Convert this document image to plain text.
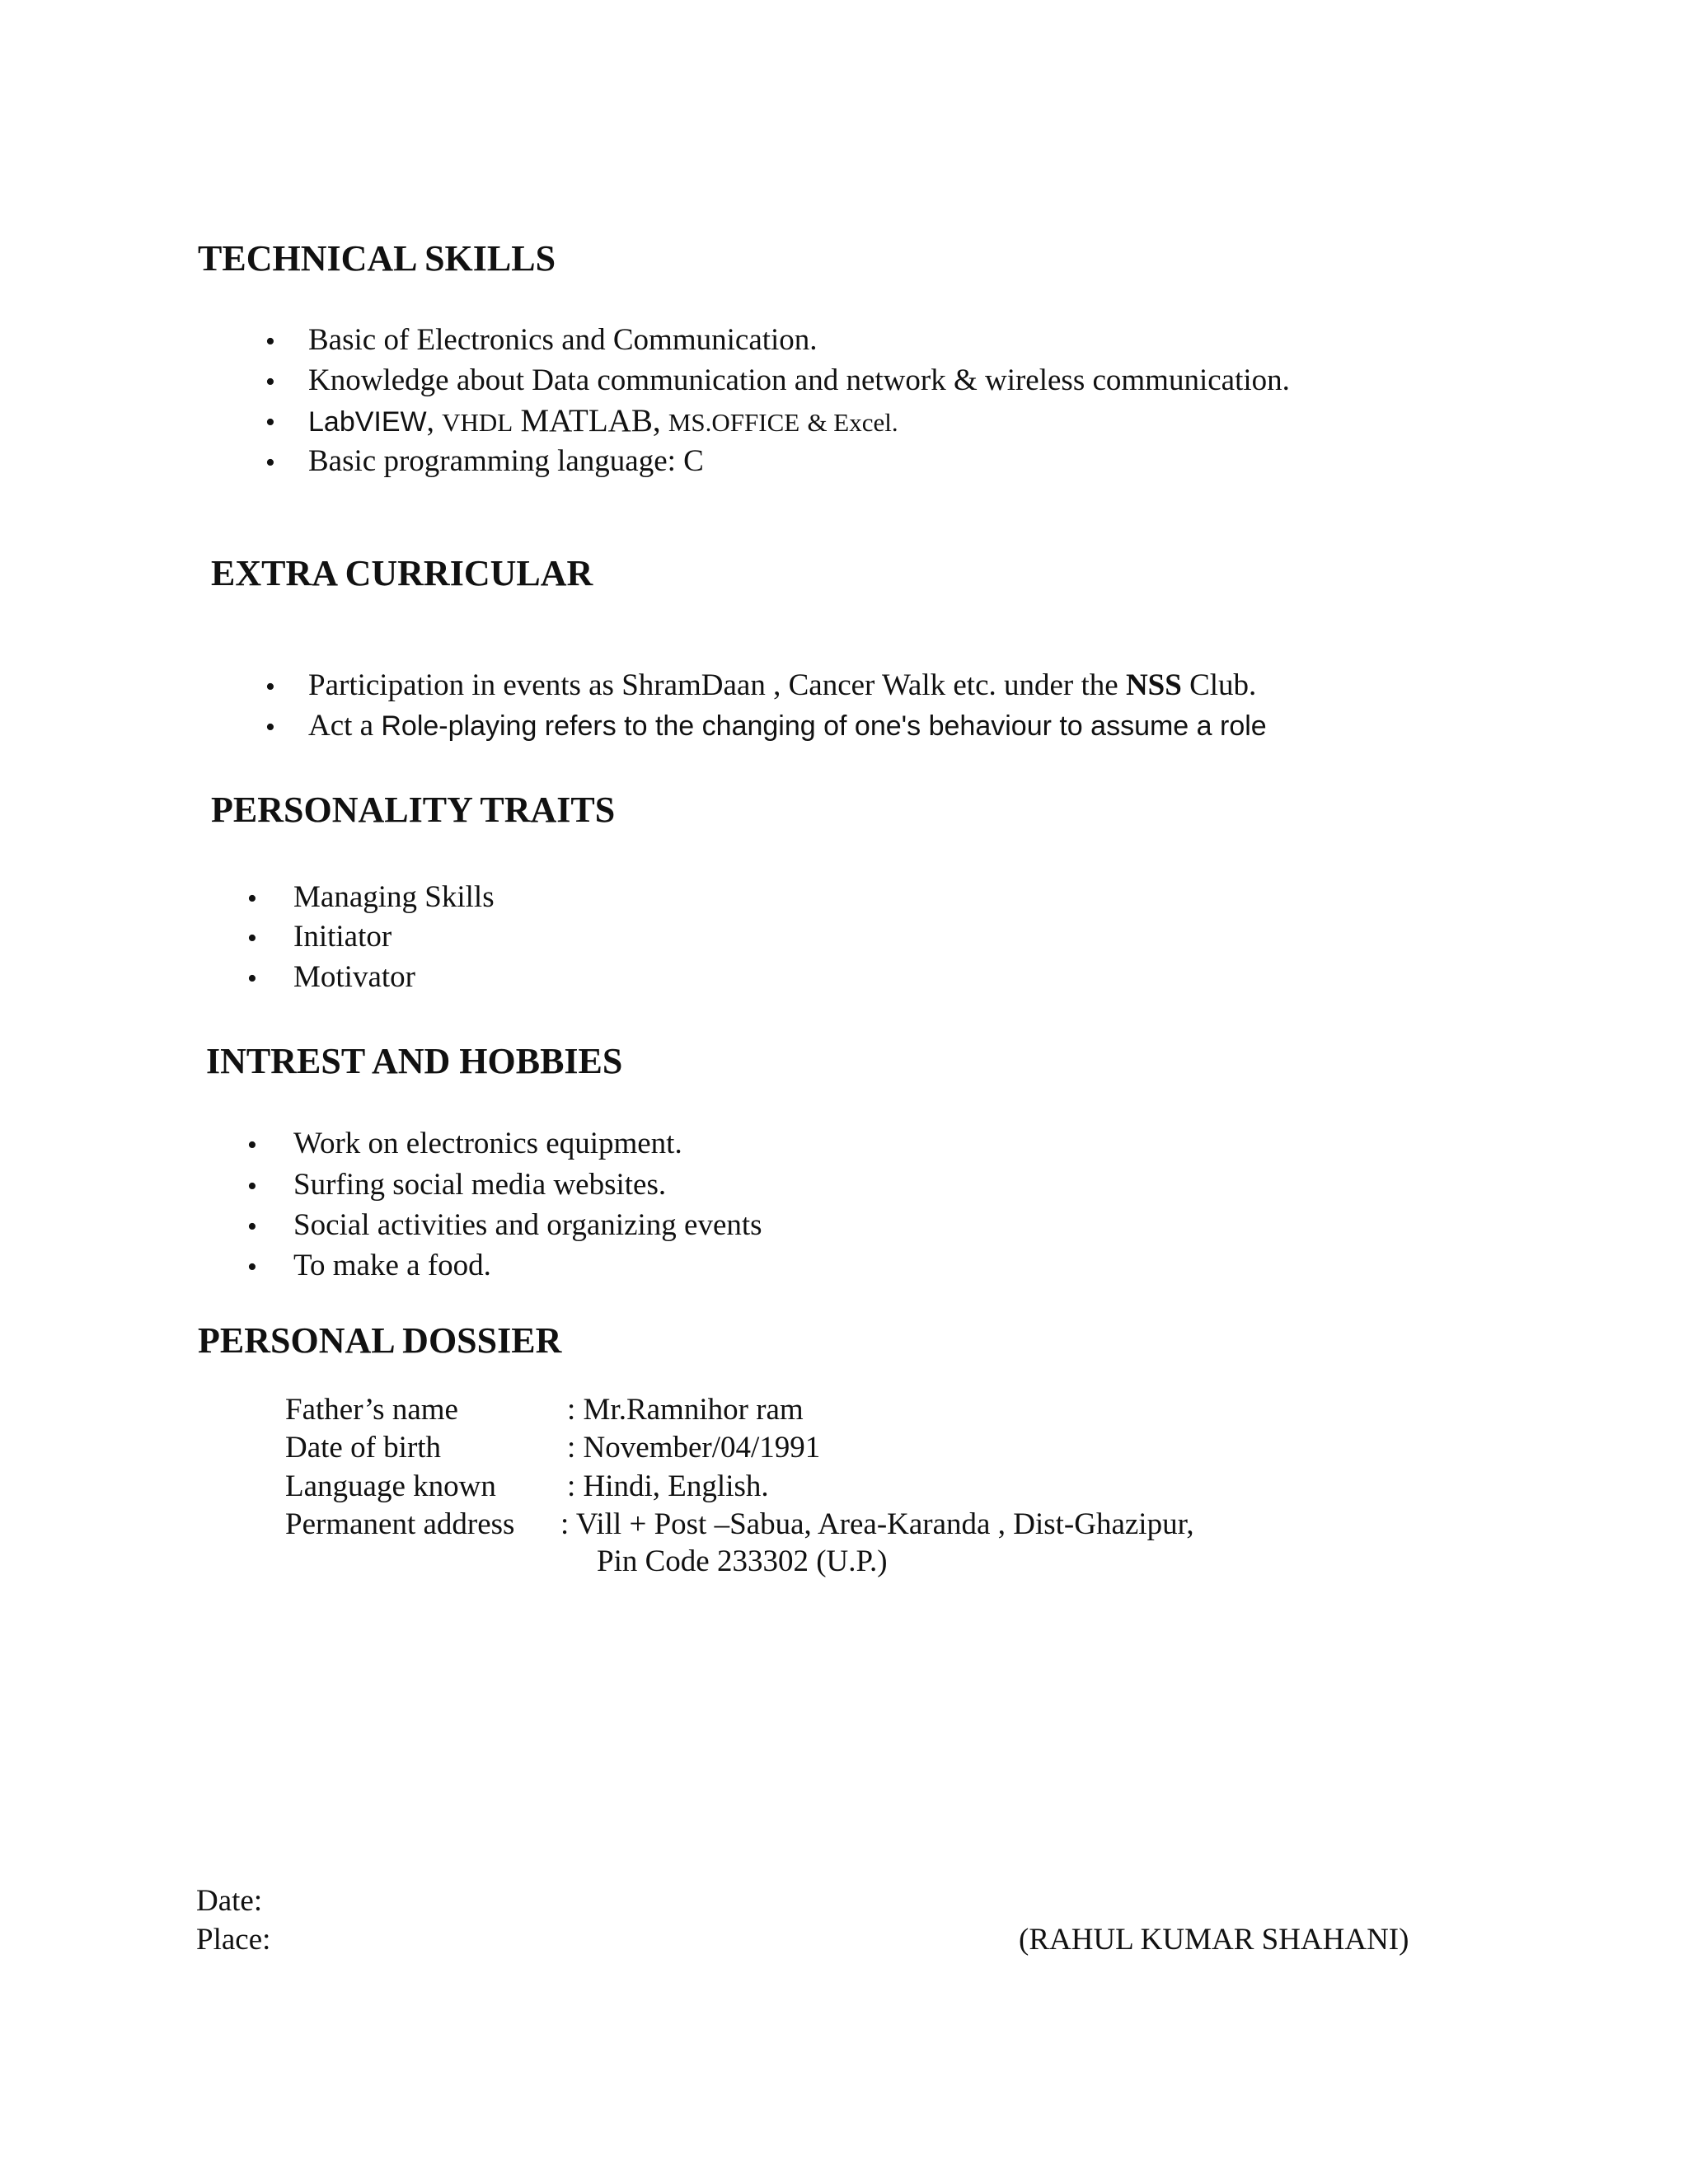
TECHNICAL SKILLS
• Basic of Electronics and Communication.
• Knowledge about Data communication and network & wireless communication.
• LabVIEW, VHDL MATLAB, MS.OFFICE & Excel.
• Basic programming language: C
EXTRA CURRICULAR
• Participation in events as ShramDaan , Cancer Walk etc. under the NSS Club.
• Act a Role-playing refers to the changing of one's behaviour to assume a role
PERSONALITY TRAITS
• Managing Skills
• Initiator
• Motivator
INTREST AND HOBBIES
• Work on electronics equipment.
• Surfing social media websites.
• Social activities and organizing events
• To make a food.
PERSONAL DOSSIER
Father’s name	: Mr.Ramnihor ram
Date of birth	: November/04/1991
Language known : Hindi, English.
Permanent address : Vill + Post –Sabua, Area-Karanda , Dist-Ghazipur,
Pin Code 233302 (U.P.)
Date:
Place:	(RAHUL KUMAR SHAHANI)
